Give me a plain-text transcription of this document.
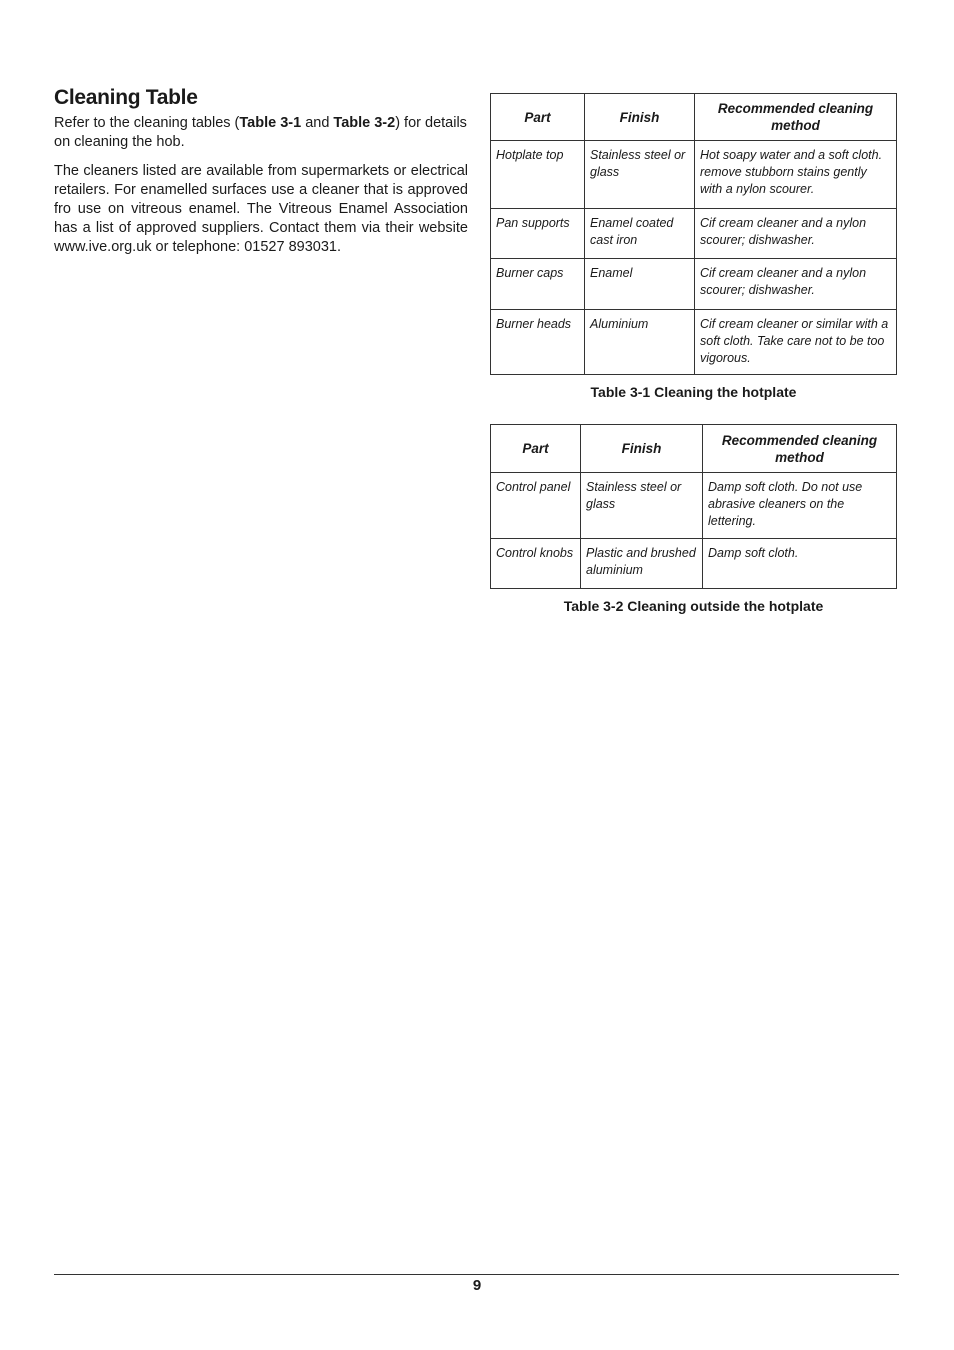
Cleaning Table

Refer to the cleaning tables (Table 3-1 and Table 3-2) for details on cleaning the hob.

The cleaners listed are available from supermarkets or electrical retailers. For enamelled surfaces use a cleaner that is approved fro use on vitreous enamel. The Vitreous Enamel Association has a list of approved suppliers. Contact them via their website www.ive.org.uk or telephone: 01527 893031.

Part	Finish	Recommended cleaning method
Hotplate top	Stainless steel or glass	Hot soapy water and a soft cloth. remove stubborn stains gently with a nylon scourer.
Pan supports	Enamel coated cast iron	Cif cream cleaner and a nylon scourer; dishwasher.
Burner caps	Enamel	Cif cream cleaner and a nylon scourer; dishwasher.
Burner heads	Aluminium	Cif cream cleaner or similar with a soft cloth. Take care not to be too vigorous.
Table 3-1 Cleaning the hotplate
Part	Finish	Recommended cleaning method
Control panel	Stainless steel or glass	Damp soft cloth. Do not use abrasive cleaners on the lettering.
Control knobs	Plastic and brushed aluminium	Damp soft cloth.
Table 3-2 Cleaning outside the hotplate
9
